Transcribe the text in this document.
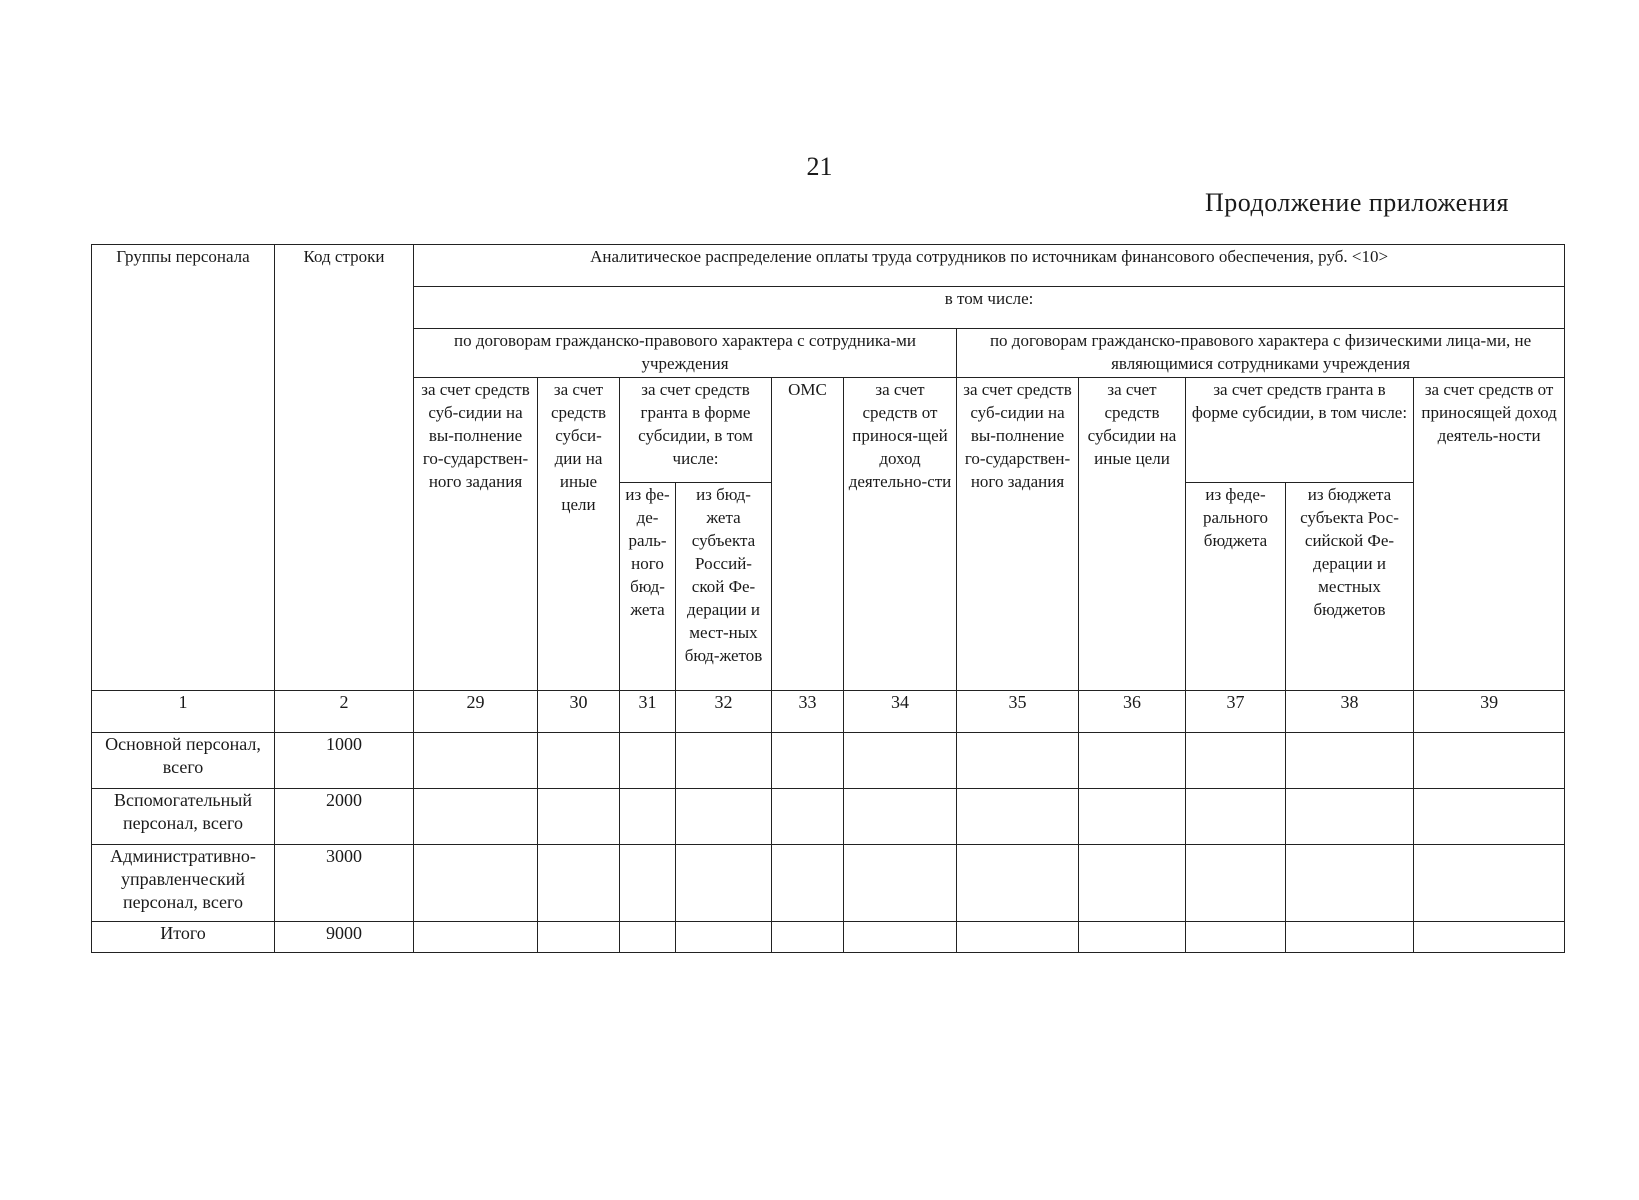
21
Продолжение приложения
Группы персонала	Код строки	Аналитическое распределение оплаты труда сотрудников по источникам финансового обеспечения, руб. <10>										
		в том числе:										
		по договорам гражданско-правового характера с сотрудника-ми учреждения						по договорам гражданско-правового характера с физическими лица-ми, не являющимися сотрудниками учреждения				
		за счет средств суб-сидии на вы-полнение го-сударствен-ного задания	за счет средств субси-дии на иные цели	за счет средств гранта в форме субсидии, в том числе:		ОМС	за счет средств от принося-щей доход деятельно-сти	за счет средств суб-сидии на вы-полнение го-сударствен-ного задания	за счет средств субсидии на иные цели	за счет средств гранта в форме субсидии, в том числе:		за счет средств от приносящей доход деятель-ности
				из фе-де-раль-ного бюд-жета	из бюд-жета субъекта Россий-ской Фе-дерации и мест-ных бюд-жетов					из феде-рального бюджета	из бюджета субъекта Рос-сийской Фе-дерации и местных бюджетов	
1	2	29	30	31	32	33	34	35	36	37	38	39
Основной персонал, всего	1000											
Вспомогательный персонал, всего	2000											
Административно-управленческий персонал, всего	3000											
Итого	9000											
